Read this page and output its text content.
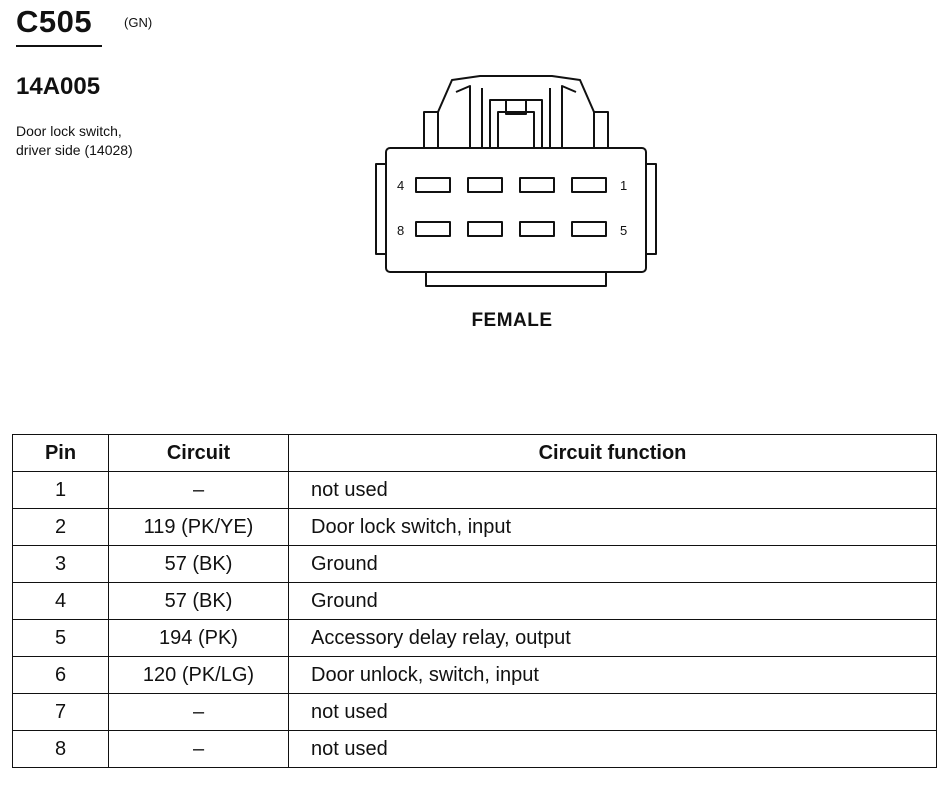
C505 (GN)
14A005
Door lock switch,
driver side (14028)
4	1
8	5
FEMALE
Pin	Circuit	Circuit function
1	–	not used
2	119 (PK/YE)	Door lock switch, input
3	57 (BK)	Ground
4	57 (BK)	Ground
5	194 (PK)	Accessory delay relay, output
6	120 (PK/LG)	Door unlock, switch, input
7	–	not used
8	–	not used
